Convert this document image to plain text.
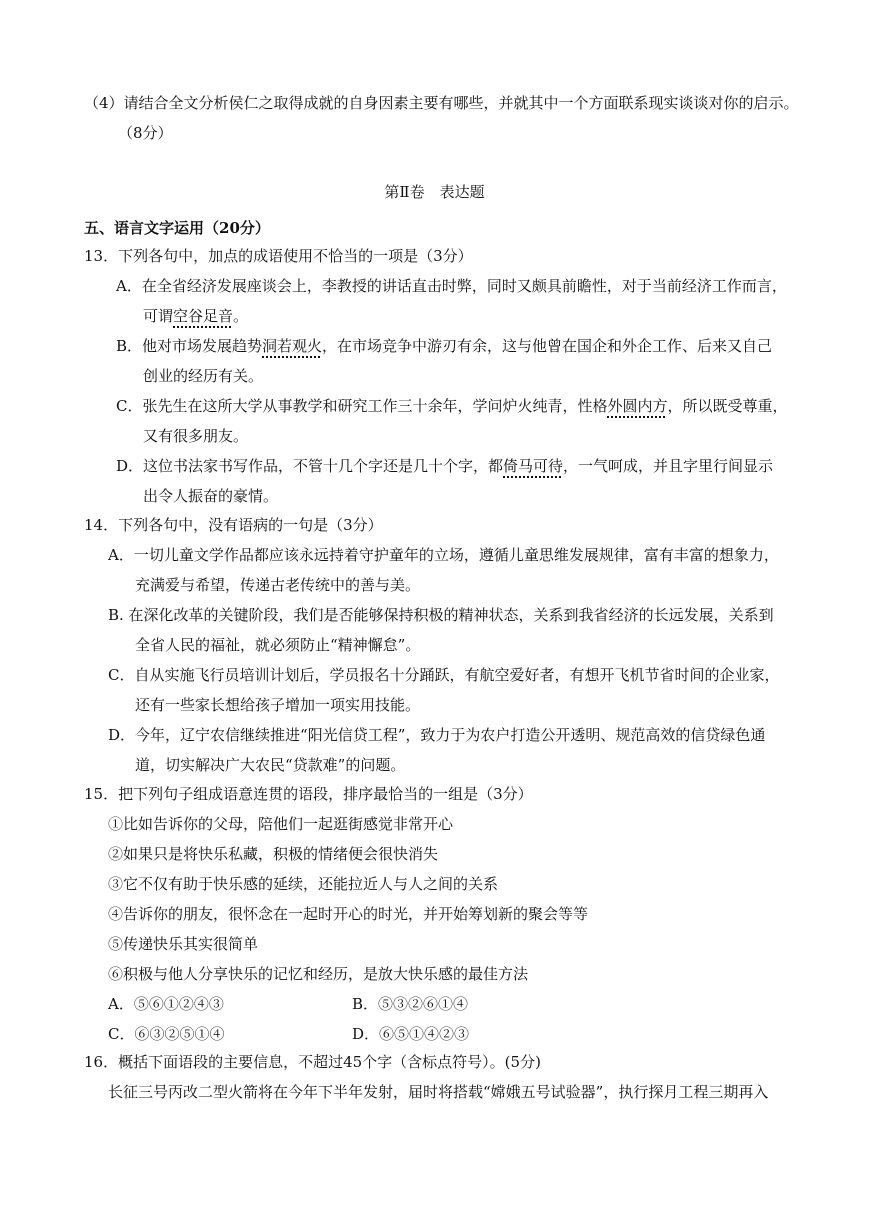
（4）请结合全文分析侯仁之取得成就的自身因素主要有哪些，并就其中一个方面联系现实谈谈对你的启示。
（8分）
第Ⅱ卷　表达题
五、语言文字运用（20分）
13．下列各句中，加点的成语使用不恰当的一项是（3分）
A．在全省经济发展座谈会上，李教授的讲话直击时弊，同时又颇具前瞻性，对于当前经济工作而言，
可谓空谷足音。
B．他对市场发展趋势洞若观火，在市场竞争中游刃有余，这与他曾在国企和外企工作、后来又自己
创业的经历有关。
C．张先生在这所大学从事教学和研究工作三十余年，学问炉火纯青，性格外圆内方，所以既受尊重，
又有很多朋友。
D．这位书法家书写作品，不管十几个字还是几十个字，都倚马可待，一气呵成，并且字里行间显示
出令人振奋的豪情。
14．下列各句中，没有语病的一句是（3分）
A．一切儿童文学作品都应该永远持着守护童年的立场，遵循儿童思维发展规律，富有丰富的想象力，
充满爱与希望，传递古老传统中的善与美。
B. 在深化改革的关键阶段，我们是否能够保持积极的精神状态，关系到我省经济的长远发展，关系到
全省人民的福祉，就必须防止“精神懈怠”。
C．自从实施飞行员培训计划后，学员报名十分踊跃，有航空爱好者，有想开飞机节省时间的企业家，
还有一些家长想给孩子增加一项实用技能。
D．今年，辽宁农信继续推进“阳光信贷工程”，致力于为农户打造公开透明、规范高效的信贷绿色通
道，切实解决广大农民“贷款难”的问题。
15．把下列句子组成语意连贯的语段，排序最恰当的一组是（3分）
①比如告诉你的父母，陪他们一起逛街感觉非常开心
②如果只是将快乐私藏，积极的情绪便会很快消失
③它不仅有助于快乐感的延续，还能拉近人与人之间的关系
④告诉你的朋友，很怀念在一起时开心的时光，并开始筹划新的聚会等等
⑤传递快乐其实很简单
⑥积极与他人分享快乐的记忆和经历，是放大快乐感的最佳方法
A．⑤⑥①②④③	B．⑤③②⑥①④
C．⑥③②⑤①④	D．⑥⑤①④②③
16．概括下面语段的主要信息，不超过45个字（含标点符号）。(5分)
长征三号丙改二型火箭将在今年下半年发射，届时将搭载“嫦娥五号试验器”，执行探月工程三期再入
